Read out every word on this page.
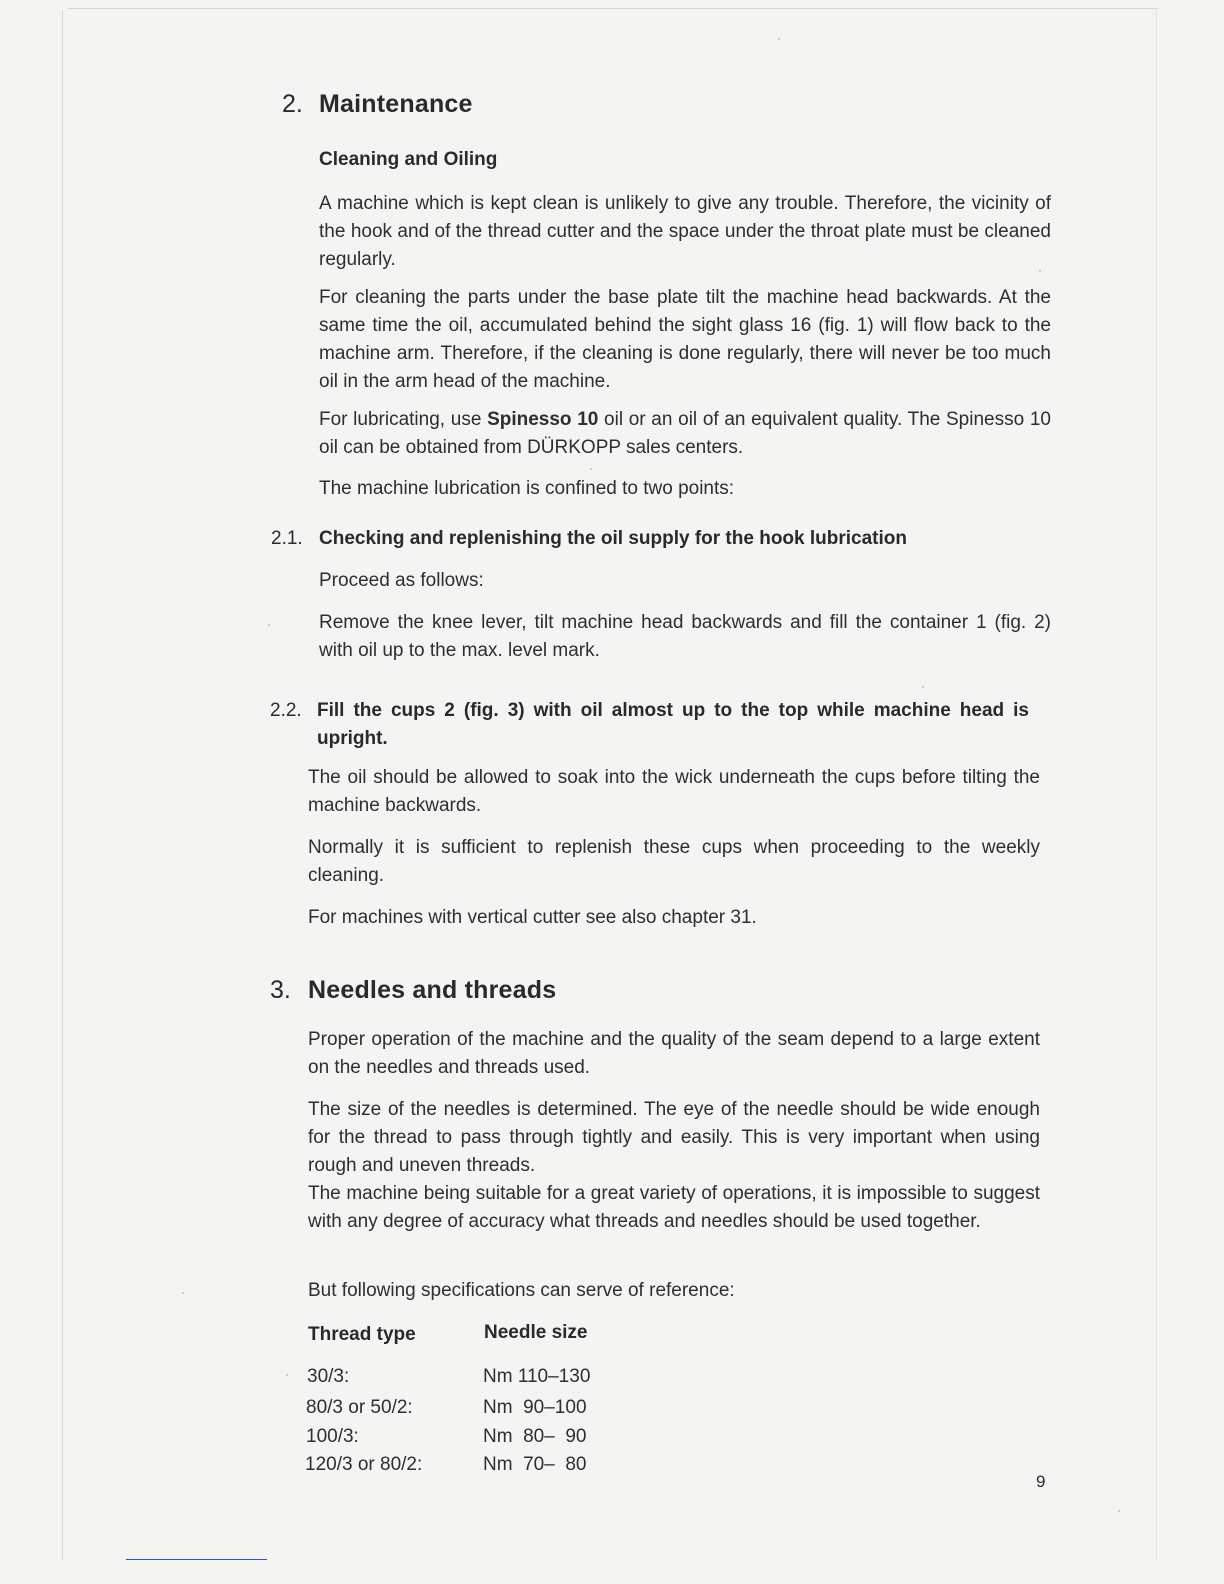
2. Maintenance
Cleaning and Oiling

A machine which is kept clean is unlikely to give any trouble. Therefore, the vicinity of the hook and of the thread cutter and the space under the throat plate must be cleaned regularly.

For cleaning the parts under the base plate tilt the machine head backwards. At the same time the oil, accumulated behind the sight glass 16 (fig. 1) will flow back to the machine arm. Therefore, if the cleaning is done regularly, there will never be too much oil in the arm head of the machine.

For lubricating, use Spinesso 10 oil or an oil of an equivalent quality. The Spinesso 10 oil can be obtained from DÜRKOPP sales centers.

The machine lubrication is confined to two points:

2.1. Checking and replenishing the oil supply for the hook lubrication

Proceed as follows:

Remove the knee lever, tilt machine head backwards and fill the container 1 (fig. 2) with oil up to the max. level mark.

2.2. Fill the cups 2 (fig. 3) with oil almost up to the top while machine head is upright.

The oil should be allowed to soak into the wick underneath the cups before tilting the machine backwards.

Normally it is sufficient to replenish these cups when proceeding to the weekly cleaning.

For machines with vertical cutter see also chapter 31.

3. Needles and threads

Proper operation of the machine and the quality of the seam depend to a large extent on the needles and threads used.

The size of the needles is determined. The eye of the needle should be wide enough for the thread to pass through tightly and easily. This is very important when using rough and uneven threads.

The machine being suitable for a great variety of operations, it is impossible to suggest with any degree of accuracy what threads and needles should be used together.

But following specifications can serve of reference:

Thread type	Needle size
30/3:	Nm 110–130
80/3 or 50/2:	Nm  90–100
100/3:	Nm  80–  90
120/3 or 80/2:	Nm  70–  80
9
